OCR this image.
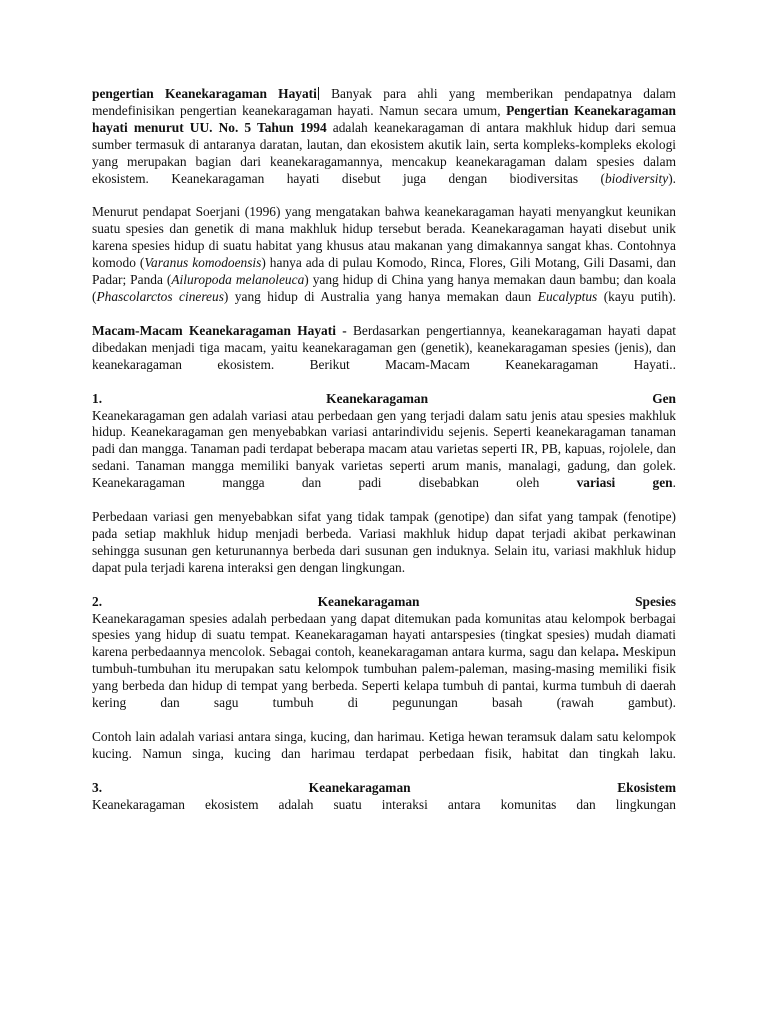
pengertian Keanekaragaman Hayati Banyak para ahli yang memberikan pendapatnya dalam mendefinisikan pengertian keanekaragaman hayati. Namun secara umum, Pengertian Keanekaragaman hayati menurut UU. No. 5 Tahun 1994 adalah keanekaragaman di antara makhluk hidup dari semua sumber termasuk di antaranya daratan, lautan, dan ekosistem akutik lain, serta kompleks-kompleks ekologi yang merupakan bagian dari keanekaragamannya, mencakup keanekaragaman dalam spesies dalam ekosistem. Keanekaragaman hayati disebut juga dengan biodiversitas (biodiversity).

Menurut pendapat Soerjani (1996) yang mengatakan bahwa keanekaragaman hayati menyangkut keunikan suatu spesies dan genetik di mana makhluk hidup tersebut berada. Keanekaragaman hayati disebut unik karena spesies hidup di suatu habitat yang khusus atau makanan yang dimakannya sangat khas. Contohnya komodo (Varanus komodoensis) hanya ada di pulau Komodo, Rinca, Flores, Gili Motang, Gili Dasami, dan Padar; Panda (Ailuropoda melanoleuca) yang hidup di China yang hanya memakan daun bambu; dan koala (Phascolarctos cinereus) yang hidup di Australia yang hanya memakan daun Eucalyptus (kayu putih).

Macam-Macam Keanekaragaman Hayati - Berdasarkan pengertiannya, keanekaragaman hayati dapat dibedakan menjadi tiga macam, yaitu keanekaragaman gen (genetik), keanekaragaman spesies (jenis), dan keanekaragaman ekosistem. Berikut Macam-Macam Keanekaragaman Hayati..

1.	Keanekaragaman	Gen

Keanekaragaman gen adalah variasi atau perbedaan gen yang terjadi dalam satu jenis atau spesies makhluk hidup. Keanekaragaman gen menyebabkan variasi antarindividu sejenis. Seperti keanekaragaman tanaman padi dan mangga. Tanaman padi terdapat beberapa macam atau varietas seperti IR, PB, kapuas, rojolele, dan sedani. Tanaman mangga memiliki banyak varietas seperti arum manis, manalagi, gadung, dan golek. Keanekaragaman mangga dan padi disebabkan oleh variasi gen.

Perbedaan variasi gen menyebabkan sifat yang tidak tampak (genotipe) dan sifat yang tampak (fenotipe) pada setiap makhluk hidup menjadi berbeda. Variasi makhluk hidup dapat terjadi akibat perkawinan sehingga susunan gen keturunannya berbeda dari susunan gen induknya. Selain itu, variasi makhluk hidup dapat pula terjadi karena interaksi gen dengan lingkungan.

2.	Keanekaragaman	Spesies

Keanekaragaman spesies adalah perbedaan yang dapat ditemukan pada komunitas atau kelompok berbagai spesies yang hidup di suatu tempat. Keanekaragaman hayati antarspesies (tingkat spesies) mudah diamati karena perbedaannya mencolok. Sebagai contoh, keanekaragaman antara kurma, sagu dan kelapa. Meskipun tumbuh-tumbuhan itu merupakan satu kelompok tumbuhan palem-paleman, masing-masing memiliki fisik yang berbeda dan hidup di tempat yang berbeda. Seperti kelapa tumbuh di pantai, kurma tumbuh di daerah kering dan sagu tumbuh di pegunungan basah (rawah gambut).

Contoh lain adalah variasi antara singa, kucing, dan harimau. Ketiga hewan teramsuk dalam satu kelompok kucing. Namun singa, kucing dan harimau terdapat perbedaan fisik, habitat dan tingkah laku.

3.	Keanekaragaman	Ekosistem

Keanekaragaman ekosistem adalah suatu interaksi antara komunitas dan lingkungan
